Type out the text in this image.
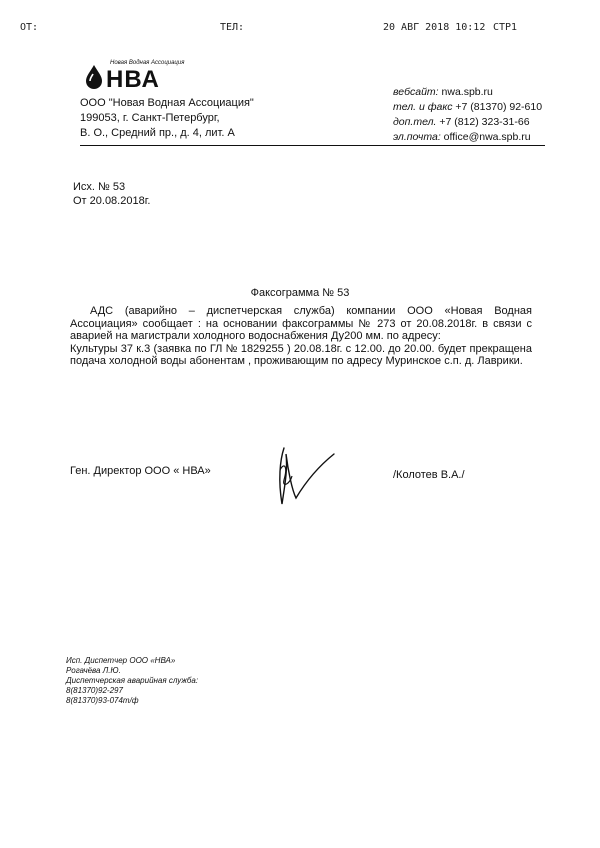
ОТ:	ТЕЛ:	20 АВГ 2018 10:12 СТР1
Новая Водная Ассоциация
НВА
ООО "Новая Водная Ассоциация"
199053, г. Санкт-Петербург,
В. О., Средний пр., д. 4, лит. А
вебсайт: nwa.spb.ru
тел. и факс +7 (81370) 92-610
доп.тел. +7 (812) 323-31-66
эл.почта: office@nwa.spb.ru
Исх. № 53
От 20.08.2018г.
Факсограмма № 53

АДС (аварийно – диспетчерская служба) компании ООО «Новая Водная Ассоциация» сообщает : на основании факсограммы № 273 от 20.08.2018г. в связи с аварией на магистрали холодного водоснабжения Ду200 мм. по адресу:

Культуры 37 к.3 (заявка по ГЛ № 1829255 ) 20.08.18г. с 12.00. до 20.00. будет прекращена подача холодной воды абонентам , проживающим по адресу Муринское с.п. д. Лаврики.

Ген. Директор ООО « НВА»	/Колотев В.А./
Исп. Диспетчер ООО «НВА»
Рогачёва Л.Ю.
Диспетчерская аварийная служба:
8(81370)92-297
8(81370)93-074т/ф
